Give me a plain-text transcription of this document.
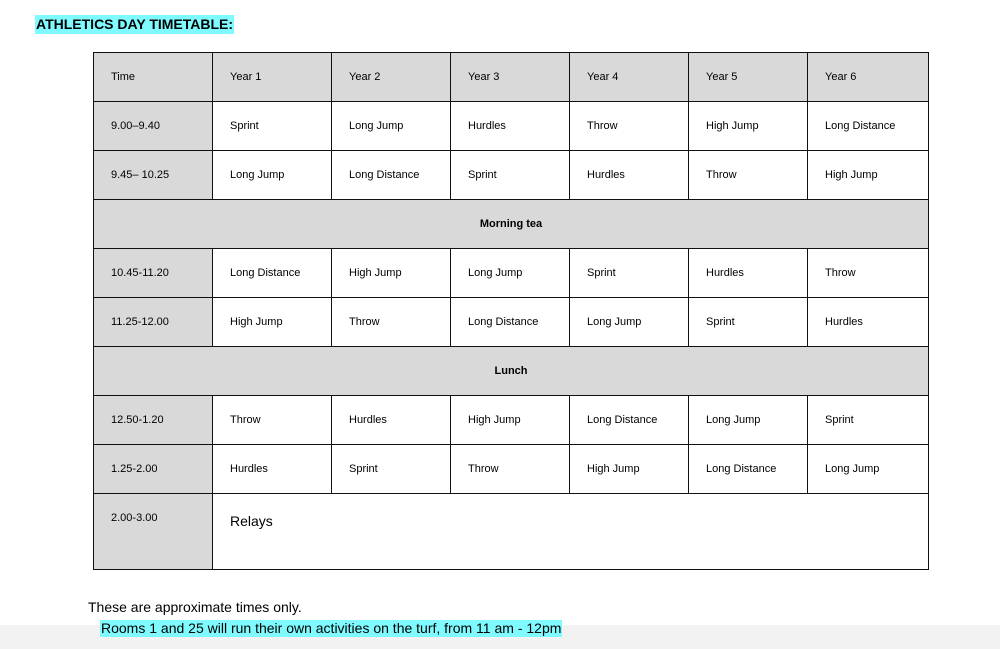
ATHLETICS DAY TIMETABLE:
Time	Year 1	Year 2	Year 3	Year 4	Year 5	Year 6
9.00–9.40	Sprint	Long Jump	Hurdles	Throw	High Jump	Long Distance
9.45– 10.25	Long Jump	Long Distance	Sprint	Hurdles	Throw	High Jump
Morning tea						
10.45-11.20	Long Distance	High Jump	Long Jump	Sprint	Hurdles	Throw
11.25-12.00	High Jump	Throw	Long Distance	Long Jump	Sprint	Hurdles
Lunch						
12.50-1.20	Throw	Hurdles	High Jump	Long Distance	Long Jump	Sprint
1.25-2.00	Hurdles	Sprint	Throw	High Jump	Long Distance	Long Jump
2.00-3.00	Relays					
These are approximate times only.
Rooms 1 and 25 will run their own activities on the turf, from 11 am - 12pm
